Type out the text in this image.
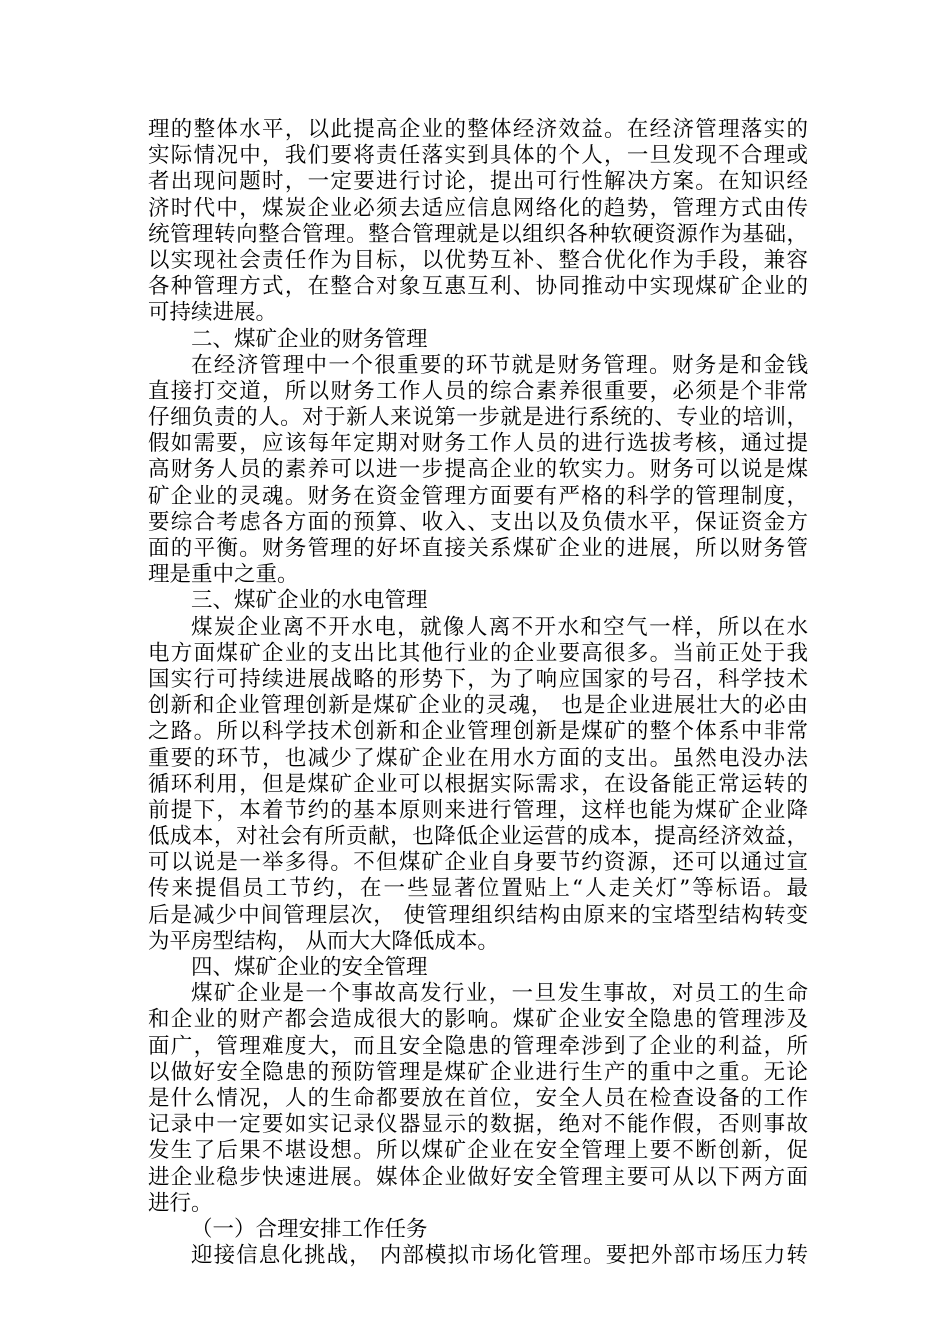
理的整体水平，以此提高企业的整体经济效益。在经济管理落实的
实际情况中，我们要将责任落实到具体的个人，一旦发现不合理或
者出现问题时，一定要进行讨论，提出可行性解决方案。在知识经
济时代中，煤炭企业必须去适应信息网络化的趋势，管理方式由传
统管理转向整合管理。整合管理就是以组织各种软硬资源作为基础，
以实现社会责任作为目标，以优势互补、整合优化作为手段，兼容
各种管理方式，在整合对象互惠互利、协同推动中实现煤矿企业的
可持续进展。
二、煤矿企业的财务管理
在经济管理中一个很重要的环节就是财务管理。财务是和金钱
直接打交道，所以财务工作人员的综合素养很重要，必须是个非常
仔细负责的人。对于新人来说第一步就是进行系统的、专业的培训，
假如需要，应该每年定期对财务工作人员的进行选拔考核，通过提
高财务人员的素养可以进一步提高企业的软实力。财务可以说是煤
矿企业的灵魂。财务在资金管理方面要有严格的科学的管理制度，
要综合考虑各方面的预算、收入、支出以及负债水平，保证资金方
面的平衡。财务管理的好坏直接关系煤矿企业的进展，所以财务管
理是重中之重。
三、煤矿企业的水电管理
煤炭企业离不开水电，就像人离不开水和空气一样，所以在水
电方面煤矿企业的支出比其他行业的企业要高很多。当前正处于我
国实行可持续进展战略的形势下，为了响应国家的号召，科学技术
创新和企业管理创新是煤矿企业的灵魂， 也是企业进展壮大的必由
之路。所以科学技术创新和企业管理创新是煤矿的整个体系中非常
重要的环节，也减少了煤矿企业在用水方面的支出。虽然电没办法
循环利用，但是煤矿企业可以根据实际需求，在设备能正常运转的
前提下，本着节约的基本原则来进行管理，这样也能为煤矿企业降
低成本，对社会有所贡献，也降低企业运营的成本，提高经济效益，
可以说是一举多得。不但煤矿企业自身要节约资源，还可以通过宣
传来提倡员工节约，在一些显著位置贴上“人走关灯”等标语。最
后是减少中间管理层次， 使管理组织结构由原来的宝塔型结构转变
为平房型结构， 从而大大降低成本。
四、煤矿企业的安全管理
煤矿企业是一个事故高发行业，一旦发生事故，对员工的生命
和企业的财产都会造成很大的影响。煤矿企业安全隐患的管理涉及
面广，管理难度大，而且安全隐患的管理牵涉到了企业的利益，所
以做好安全隐患的预防管理是煤矿企业进行生产的重中之重。无论
是什么情况，人的生命都要放在首位，安全人员在检查设备的工作
记录中一定要如实记录仪器显示的数据，绝对不能作假，否则事故
发生了后果不堪设想。所以煤矿企业在安全管理上要不断创新，促
进企业稳步快速进展。媒体企业做好安全管理主要可从以下两方面
进行。
（一）合理安排工作任务
迎接信息化挑战， 内部模拟市场化管理。要把外部市场压力转
